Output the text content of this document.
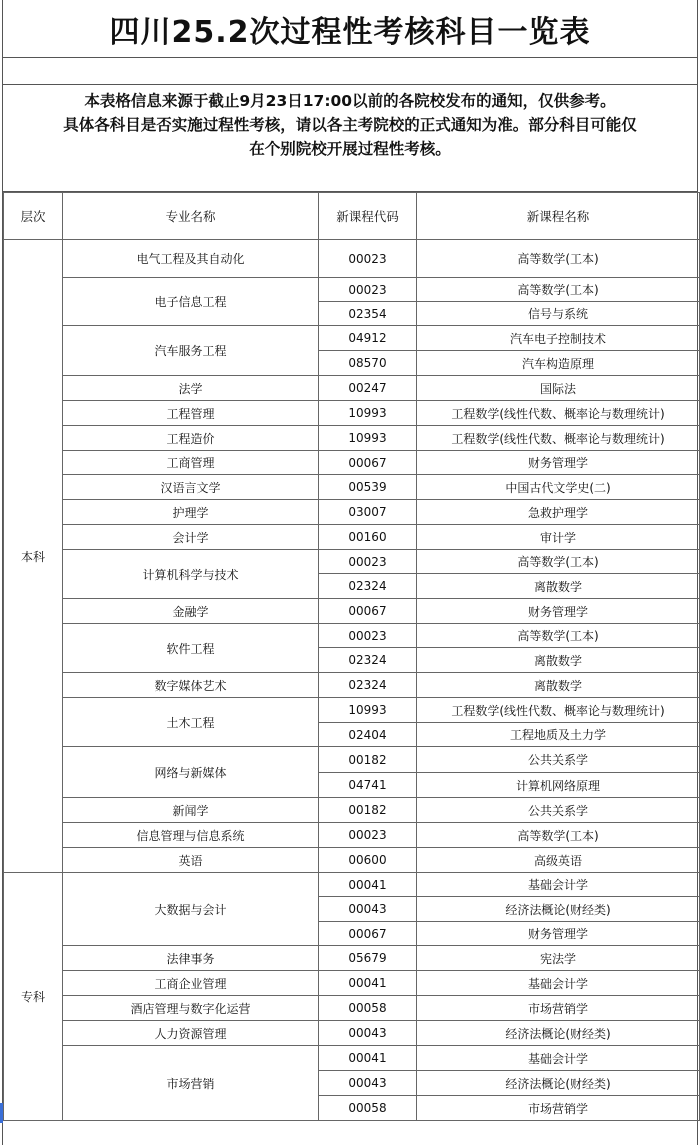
四川25.2次过程性考核科目一览表
本表格信息来源于截止9月23日17:00以前的各院校发布的通知，仅供参考。
具体各科目是否实施过程性考核，请以各主考院校的正式通知为准。部分科目可能仅
在个别院校开展过程性考核。
层次	专业名称	新课程代码	新课程名称
本科	电气工程及其自动化	00023	高等数学(工本)
	电子信息工程	00023	高等数学(工本)
		02354	信号与系统
	汽车服务工程	04912	汽车电子控制技术
		08570	汽车构造原理
	法学	00247	国际法
	工程管理	10993	工程数学(线性代数、概率论与数理统计)
	工程造价	10993	工程数学(线性代数、概率论与数理统计)
	工商管理	00067	财务管理学
	汉语言文学	00539	中国古代文学史(二)
	护理学	03007	急救护理学
	会计学	00160	审计学
	计算机科学与技术	00023	高等数学(工本)
		02324	离散数学
	金融学	00067	财务管理学
	软件工程	00023	高等数学(工本)
		02324	离散数学
	数字媒体艺术	02324	离散数学
	土木工程	10993	工程数学(线性代数、概率论与数理统计)
		02404	工程地质及土力学
	网络与新媒体	00182	公共关系学
		04741	计算机网络原理
	新闻学	00182	公共关系学
	信息管理与信息系统	00023	高等数学(工本)
	英语	00600	高级英语
专科	大数据与会计	00041	基础会计学
		00043	经济法概论(财经类)
		00067	财务管理学
	法律事务	05679	宪法学
	工商企业管理	00041	基础会计学
	酒店管理与数字化运营	00058	市场营销学
	人力资源管理	00043	经济法概论(财经类)
	市场营销	00041	基础会计学
		00043	经济法概论(财经类)
		00058	市场营销学
